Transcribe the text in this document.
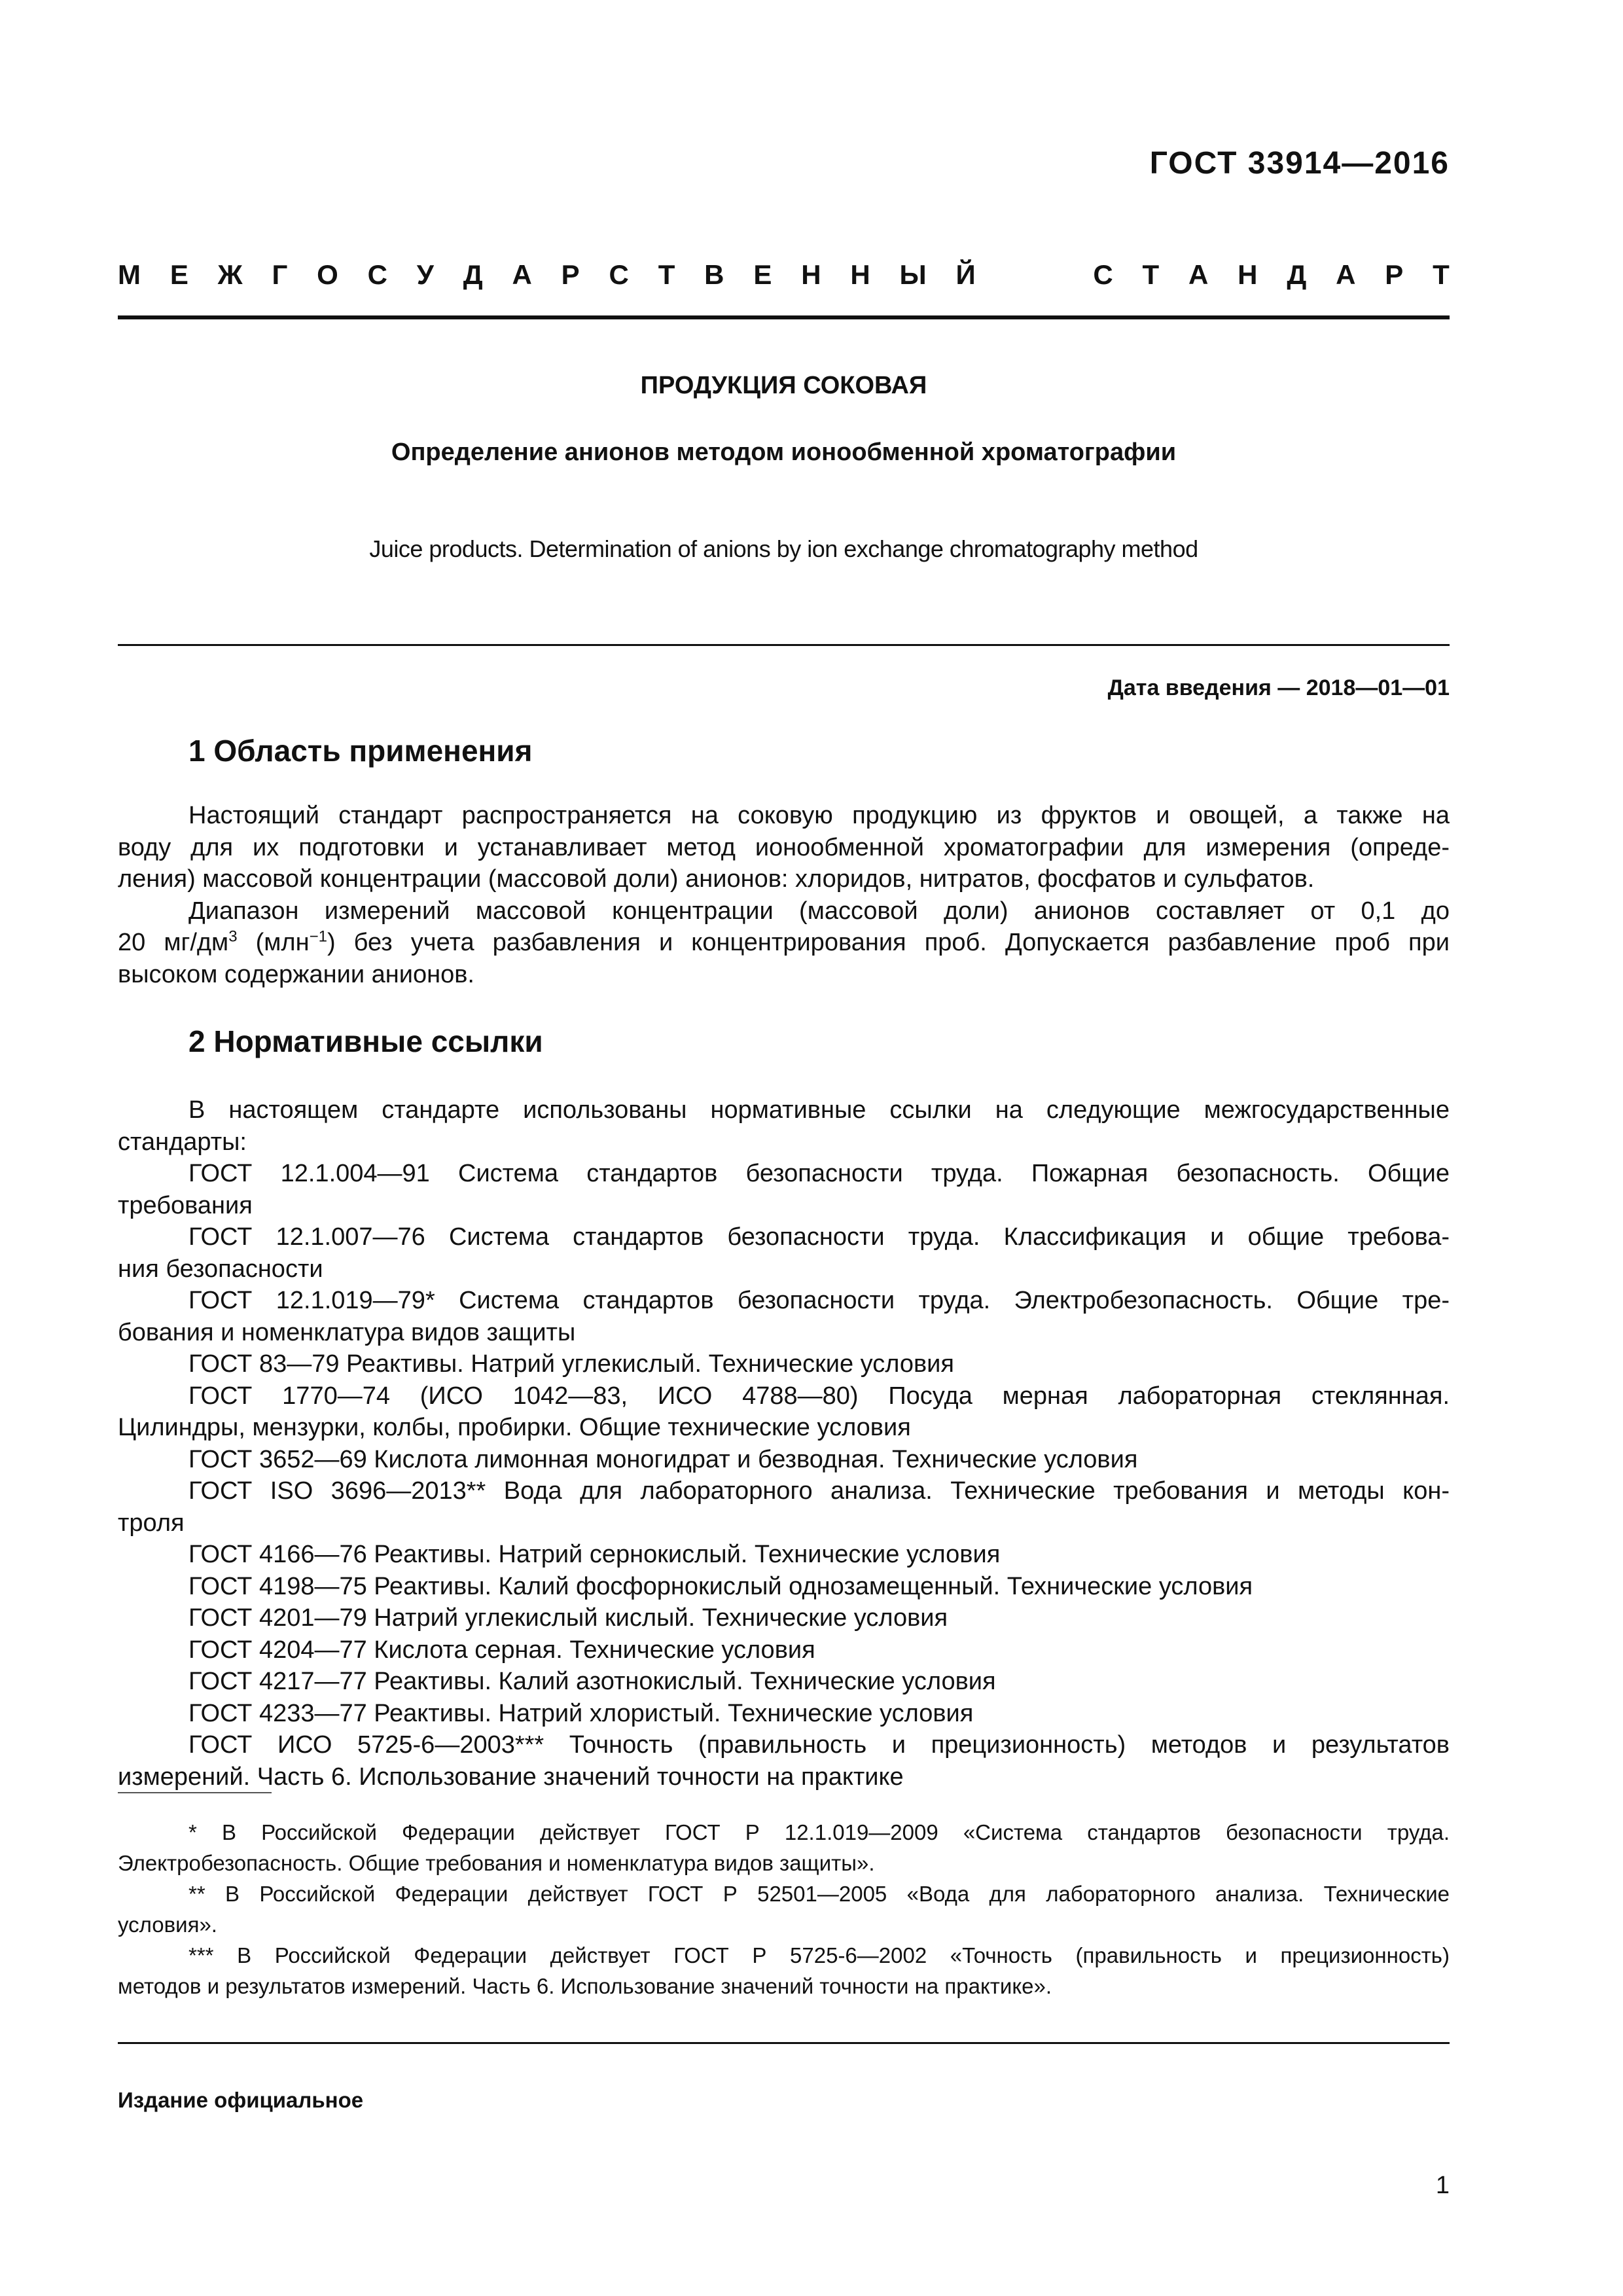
ГОСТ 33914—2016
М Е Ж Г О С У Д А Р С Т В Е Н Н Ы Й	С Т А Н Д А Р Т
ПРОДУКЦИЯ СОКОВАЯ
Определение анионов методом ионообменной хроматографии
Juice products. Determination of anions by ion exchange chromatography method
Дата введения — 2018—01—01
1 Область применения
Настоящий стандарт распространяется на соковую продукцию из фруктов и овощей, а также на
воду для их подготовки и устанавливает метод ионообменной хроматографии для измерения (опреде-
ления) массовой концентрации (массовой доли) анионов: хлоридов, нитратов, фосфатов и сульфатов.
Диапазон измерений массовой концентрации (массовой доли) анионов составляет от 0,1 до
20 $мг/дм^3$ (млн$^{-1}$) без учета разбавления и концентрирования проб. Допускается разбавление проб при
высоком содержании анионов.
2 Нормативные ссылки
В настоящем стандарте использованы нормативные ссылки на следующие межгосударственные
стандарты:
ГОСТ 12.1.004—91 Система стандартов безопасности труда. Пожарная безопасность. Общие
требования
ГОСТ 12.1.007—76 Система стандартов безопасности труда. Классификация и общие требова-
ния безопасности
ГОСТ 12.1.019—79* Система стандартов безопасности труда. Электробезопасность. Общие тре-
бования и номенклатура видов защиты
ГОСТ 83—79 Реактивы. Натрий углекислый. Технические условия
ГОСТ 1770—74 (ИСО 1042—83, ИСО 4788—80) Посуда мерная лабораторная стеклянная.
Цилиндры, мензурки, колбы, пробирки. Общие технические условия
ГОСТ 3652—69 Кислота лимонная моногидрат и безводная. Технические условия
ГОСТ ISO 3696—2013** Вода для лабораторного анализа. Технические требования и методы кон-
троля
ГОСТ 4166—76 Реактивы. Натрий сернокислый. Технические условия
ГОСТ 4198—75 Реактивы. Калий фосфорнокислый однозамещенный. Технические условия
ГОСТ 4201—79 Натрий углекислый кислый. Технические условия
ГОСТ 4204—77 Кислота серная. Технические условия
ГОСТ 4217—77 Реактивы. Калий азотнокислый. Технические условия
ГОСТ 4233—77 Реактивы. Натрий хлористый. Технические условия
ГОСТ ИСО 5725-6—2003*** Точность (правильность и прецизионность) методов и результатов
измерений. Часть 6. Использование значений точности на практике
* В Российской Федерации действует ГОСТ Р 12.1.019—2009 «Система стандартов безопасности труда.
Электробезопасность. Общие требования и номенклатура видов защиты».
** В Российской Федерации действует ГОСТ Р 52501—2005 «Вода для лабораторного анализа. Технические
условия».
*** В Российской Федерации действует ГОСТ Р 5725-6—2002 «Точность (правильность и прецизионность)
методов и результатов измерений. Часть 6. Использование значений точности на практике».
Издание официальное
1
